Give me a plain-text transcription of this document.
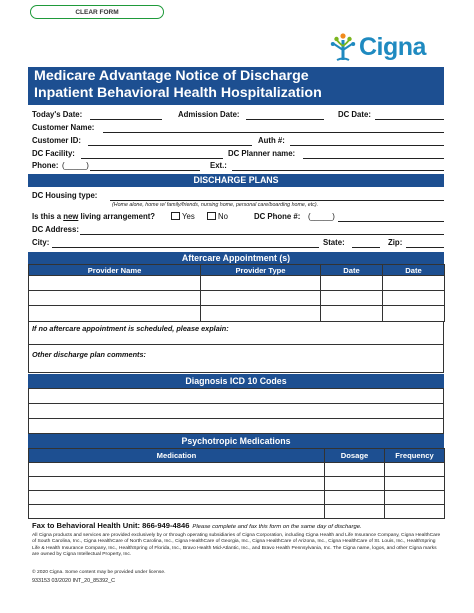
CLEAR FORM
Cigna
Medicare Advantage Notice of Discharge
Inpatient Behavioral Health Hospitalization
Today's Date:	Admission Date:	DC Date:
Customer Name:
Customer ID:	Auth #:
DC Facility:	DC Planner name:
Phone: (_____)	Ext.:
DISCHARGE PLANS
DC Housing type:
(Home alone, home w/ family/friends, nursing home, personal care/boarding home, etc).
Is this a new living arrangement?	Yes	No	DC Phone #: (_____)
DC Address:
City:	State:	Zip:
Aftercare Appointment (s)
Provider Name	Provider Type	Date	Date

If no aftercare appointment is scheduled, please explain:
Other discharge plan comments:
Diagnosis ICD 10 Codes

Psychotropic Medications
Medication	Dosage	Frequency

Fax to Behavioral Health Unit: 866-949-4846 Please complete and fax this form on the same day of discharge.
All Cigna products and services are provided exclusively by or through operating subsidiaries of Cigna Corporation, including Cigna Health and Life Insurance Company, Cigna HealthCare of South Carolina, Inc., Cigna HealthCare of North Carolina, Inc., Cigna HealthCare of Georgia, Inc., Cigna HealthCare of Arizona, Inc., Cigna HealthCare of St. Louis, Inc., HealthSpring Life & Health Insurance Company, Inc., HealthSpring of Florida, Inc., Bravo Health Mid-Atlantic, Inc., and Bravo Health Pennsylvania, Inc. The Cigna name, logos, and other Cigna marks are owned by Cigna Intellectual Property, Inc.
© 2020 Cigna. Some content may be provided under license.
933153 03/2020 INT_20_85392_C
